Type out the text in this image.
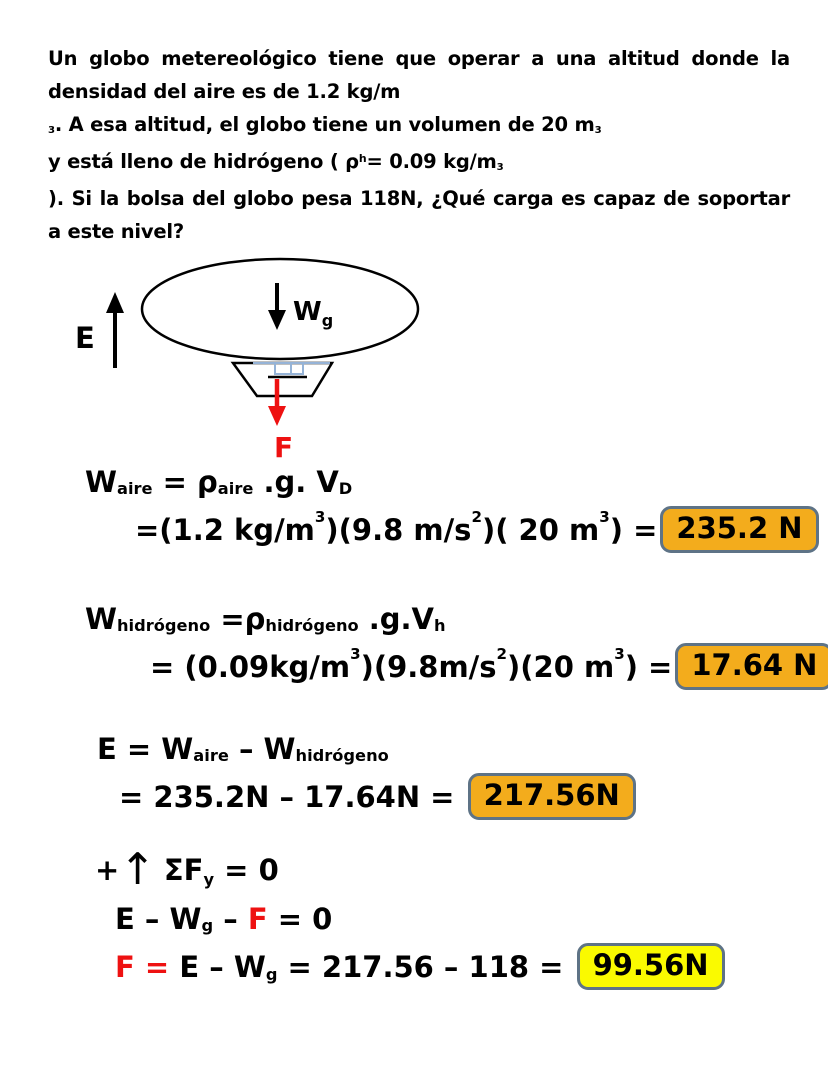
Un globo metereológico tiene que operar a una altitud donde la densidad del aire es de 1.2 kg/m3. A esa altitud, el globo tiene un volumen de 20 m3y está lleno de hidrógeno ( ρh= 0.09 kg/m3). Si la bolsa del globo pesa 118N, ¿Qué carga es capaz de soportar a este nivel?
E
$W_g$
F
W aire = ρ aire .g. V D
=(1.2 kg/m 3 )(9.8 m/s 2 )( 20 m 3 ) = 235.2 N
W hidrógeno = ρ hidrógeno .g.V h
= (0.09kg/m 3 )(9.8m/s 2 )(20 m 3 ) = 17.64 N
E = W aire – W hidrógeno
= 235.2N – 17.64N = 217.56N
+ ↑ ΣF y = 0
E – W g – F = 0
F = E – W g = 217.56 – 118 = 99.56N
